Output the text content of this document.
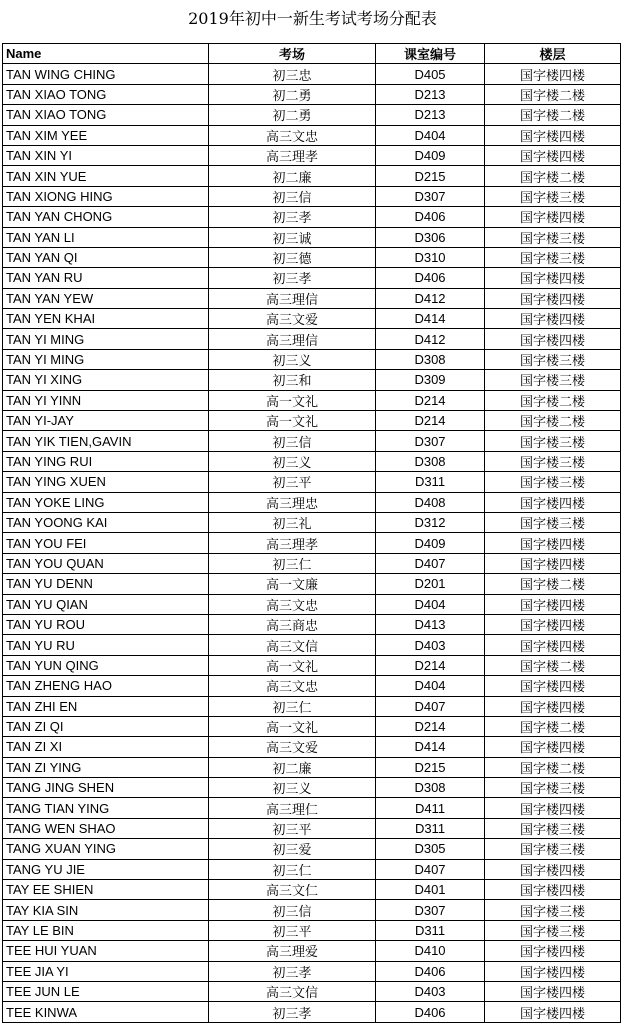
2019年初中一新生考试考场分配表
Name	考场	课室编号	楼层
TAN WING CHING	初三忠	D405	国字楼四楼
TAN XIAO TONG	初二勇	D213	国字楼二楼
TAN XIAO TONG	初二勇	D213	国字楼二楼
TAN XIM YEE	高三文忠	D404	国字楼四楼
TAN XIN YI	高三理孝	D409	国字楼四楼
TAN XIN YUE	初二廉	D215	国字楼二楼
TAN XIONG HING	初三信	D307	国字楼三楼
TAN YAN CHONG	初三孝	D406	国字楼四楼
TAN YAN LI	初三诚	D306	国字楼三楼
TAN YAN QI	初三德	D310	国字楼三楼
TAN YAN RU	初三孝	D406	国字楼四楼
TAN YAN YEW	高三理信	D412	国字楼四楼
TAN YEN KHAI	高三文爱	D414	国字楼四楼
TAN YI MING	高三理信	D412	国字楼四楼
TAN YI MING	初三义	D308	国字楼三楼
TAN YI XING	初三和	D309	国字楼三楼
TAN YI YINN	高一文礼	D214	国字楼二楼
TAN YI-JAY	高一文礼	D214	国字楼二楼
TAN YIK TIEN,GAVIN	初三信	D307	国字楼三楼
TAN YING RUI	初三义	D308	国字楼三楼
TAN YING XUEN	初三平	D311	国字楼三楼
TAN YOKE LING	高三理忠	D408	国字楼四楼
TAN YOONG KAI	初三礼	D312	国字楼三楼
TAN YOU FEI	高三理孝	D409	国字楼四楼
TAN YOU QUAN	初三仁	D407	国字楼四楼
TAN YU DENN	高一文廉	D201	国字楼二楼
TAN YU QIAN	高三文忠	D404	国字楼四楼
TAN YU ROU	高三商忠	D413	国字楼四楼
TAN YU RU	高三文信	D403	国字楼四楼
TAN YUN QING	高一文礼	D214	国字楼二楼
TAN ZHENG HAO	高三文忠	D404	国字楼四楼
TAN ZHI EN	初三仁	D407	国字楼四楼
TAN ZI QI	高一文礼	D214	国字楼二楼
TAN ZI XI	高三文爱	D414	国字楼四楼
TAN ZI YING	初二廉	D215	国字楼二楼
TANG JING SHEN	初三义	D308	国字楼三楼
TANG TIAN YING	高三理仁	D411	国字楼四楼
TANG WEN SHAO	初三平	D311	国字楼三楼
TANG XUAN YING	初三爱	D305	国字楼三楼
TANG YU JIE	初三仁	D407	国字楼四楼
TAY EE SHIEN	高三文仁	D401	国字楼四楼
TAY KIA SIN	初三信	D307	国字楼三楼
TAY LE BIN	初三平	D311	国字楼三楼
TEE HUI YUAN	高三理爱	D410	国字楼四楼
TEE JIA YI	初三孝	D406	国字楼四楼
TEE JUN LE	高三文信	D403	国字楼四楼
TEE KINWA	初三孝	D406	国字楼四楼
